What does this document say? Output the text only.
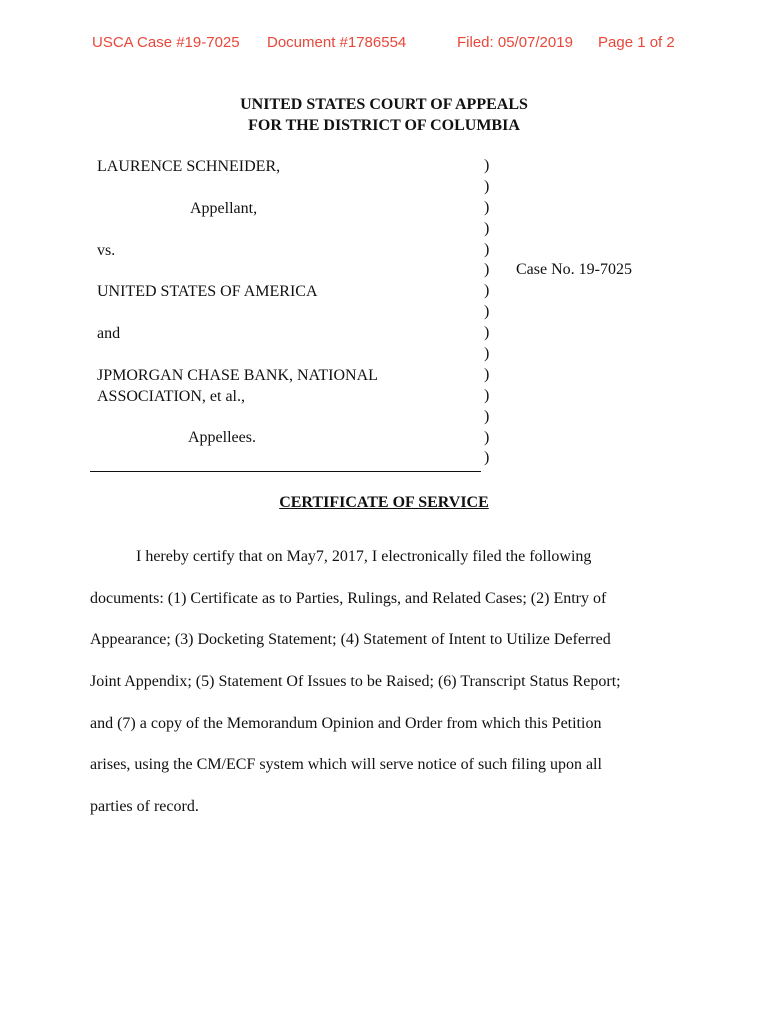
USCA Case #19-7025 Document #1786554	Filed: 05/07/2019 Page 1 of 2
UNITED STATES COURT OF APPEALS
FOR THE DISTRICT OF COLUMBIA
LAURENCE SCHNEIDER,
Appellant,
vs.
UNITED STATES OF AMERICA
and
JPMORGAN CHASE BANK, NATIONAL
ASSOCIATION, et al.,
Appellees.
)
)
)
)
)
)
)
)
)
)
)
)
)
)
)
Case No. 19-7025
CERTIFICATE OF SERVICE
I hereby certify that on May7, 2017, I electronically filed the following
documents: (1) Certificate as to Parties, Rulings, and Related Cases; (2) Entry of
Appearance; (3) Docketing Statement; (4) Statement of Intent to Utilize Deferred
Joint Appendix; (5) Statement Of Issues to be Raised; (6) Transcript Status Report;
and (7) a copy of the Memorandum Opinion and Order from which this Petition
arises, using the CM/ECF system which will serve notice of such filing upon all
parties of record.
